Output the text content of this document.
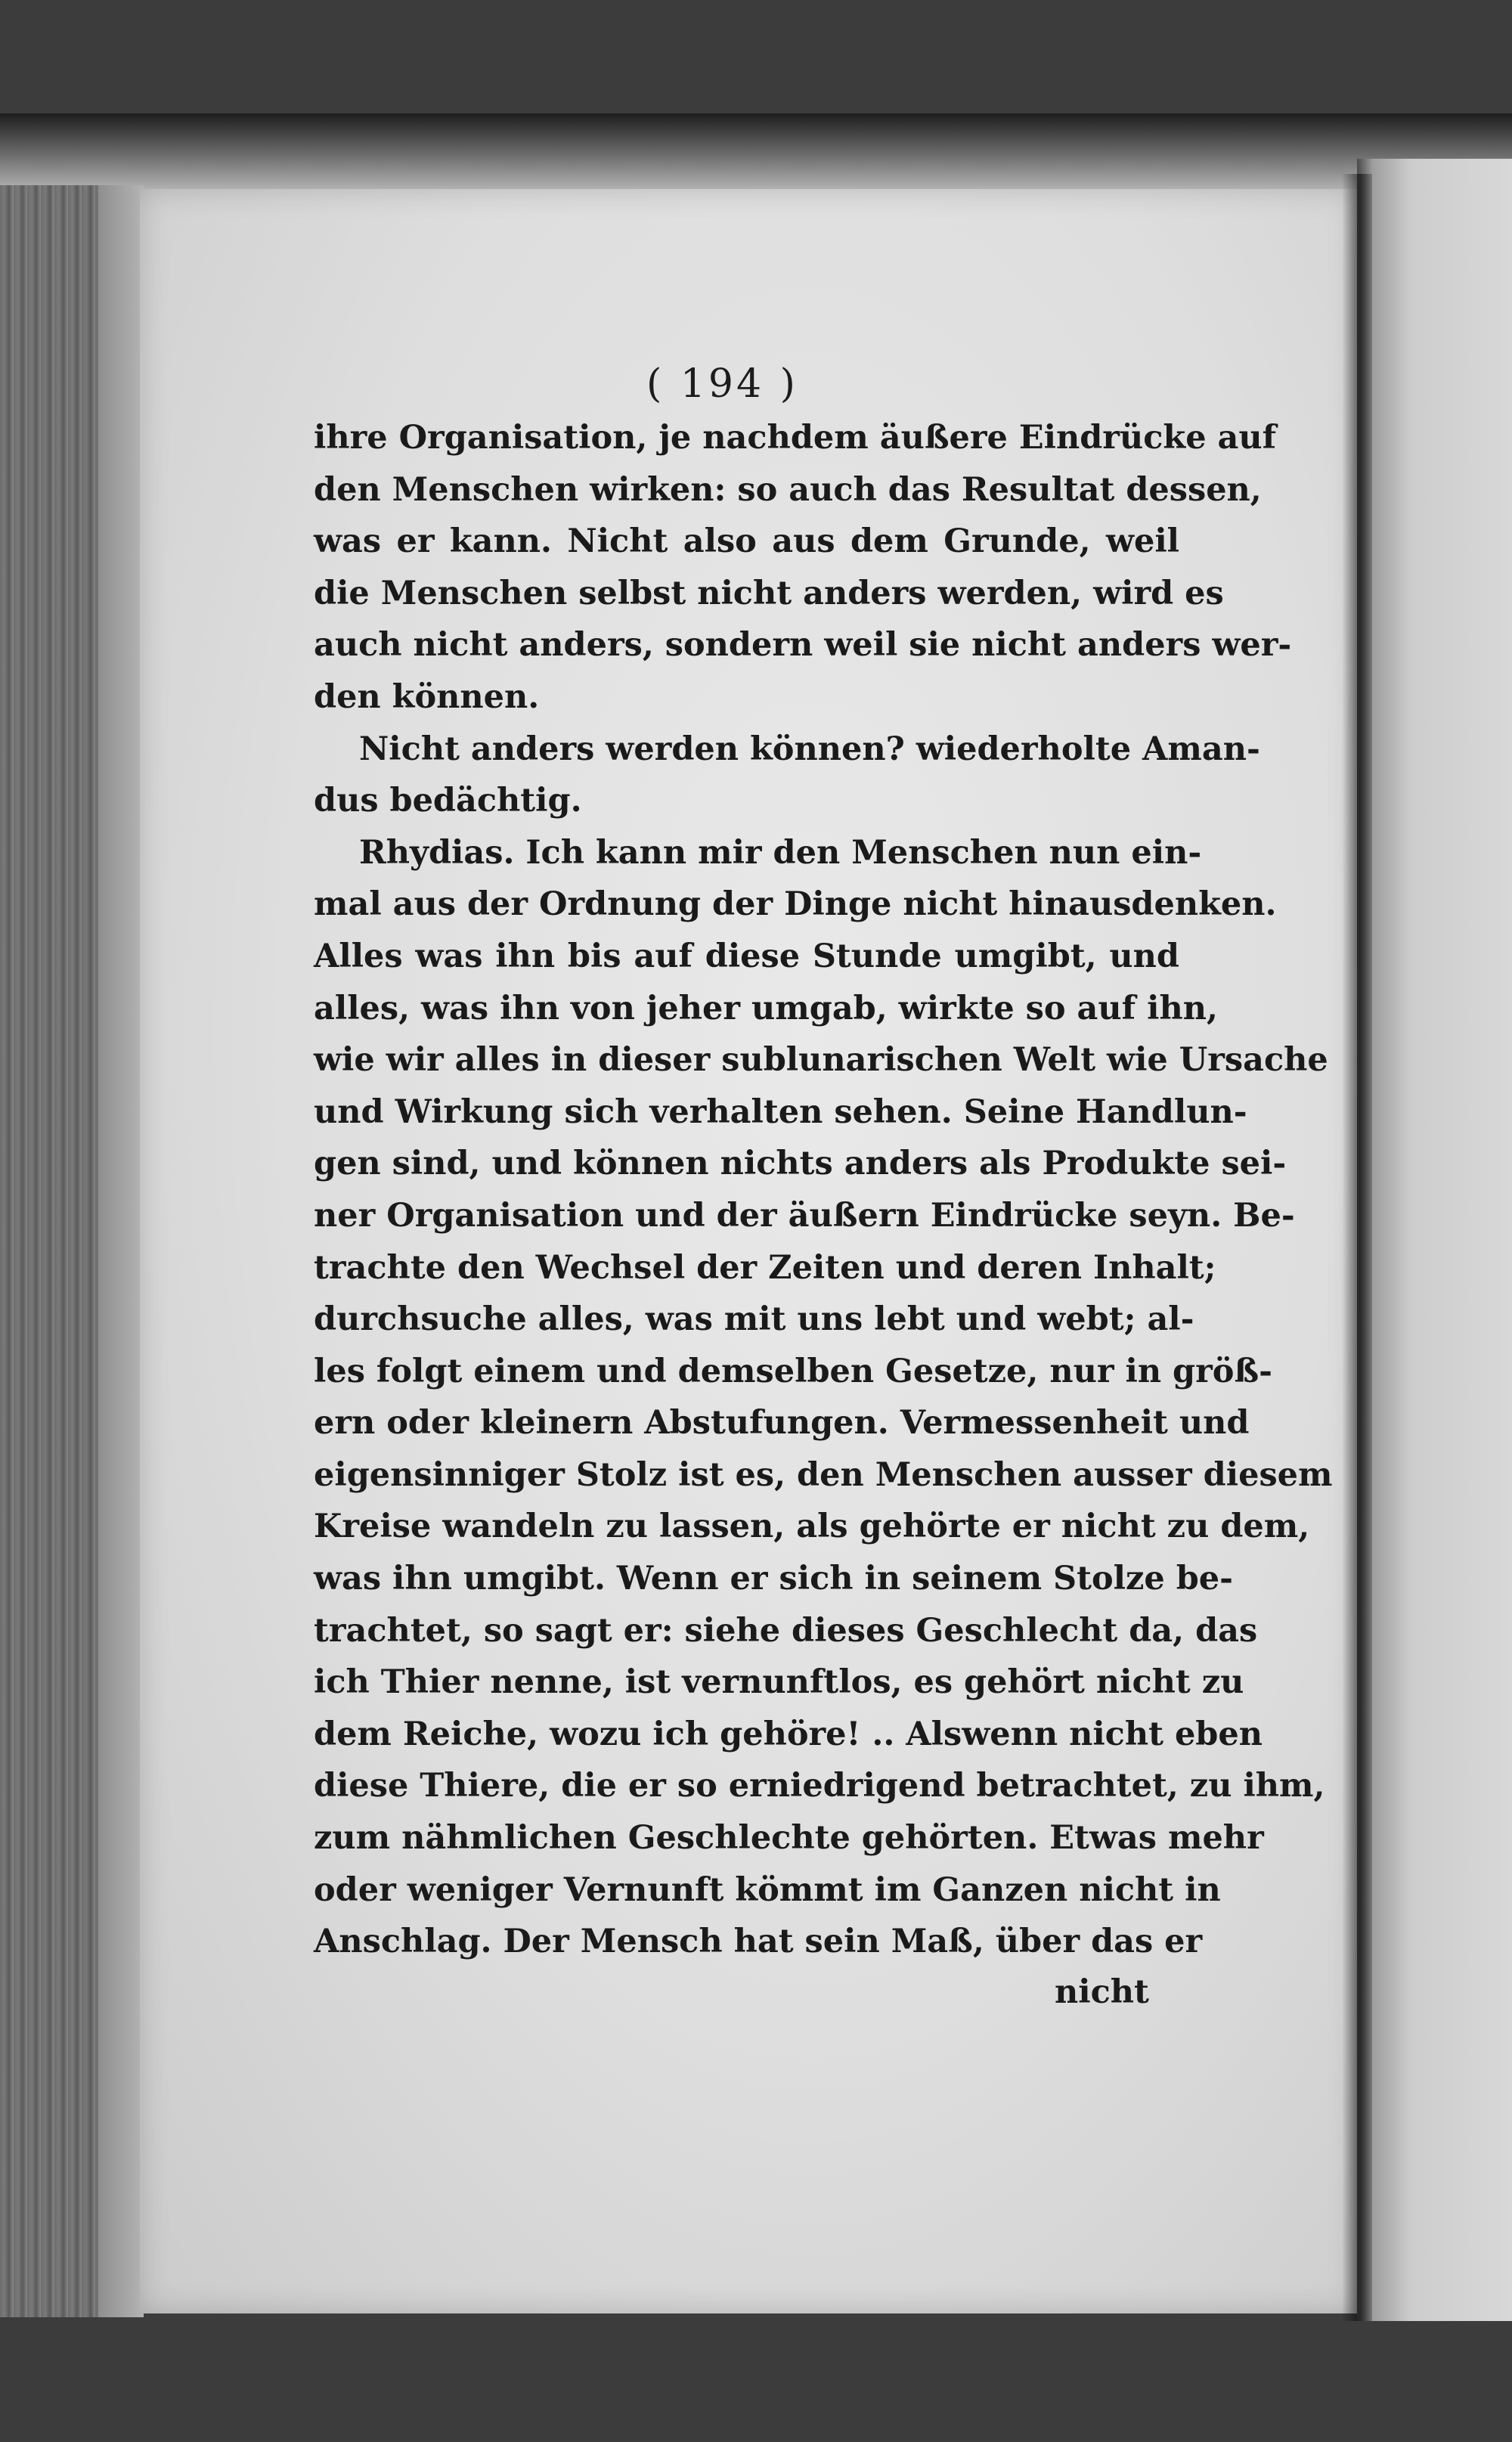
( 194 )
ihre Organisation, je nachdem äußere Eindrücke auf
den Menschen wirken: so auch das Resultat dessen,
was er kann. Nicht also aus dem Grunde, weil
die Menschen selbst nicht anders werden, wird es
auch nicht anders, sondern weil sie nicht anders wer-
den können.
Nicht anders werden können? wiederholte Aman-
dus bedächtig.
Rhydias. Ich kann mir den Menschen nun ein-
mal aus der Ordnung der Dinge nicht hinausdenken.
Alles was ihn bis auf diese Stunde umgibt, und
alles, was ihn von jeher umgab, wirkte so auf ihn,
wie wir alles in dieser sublunarischen Welt wie Ursache
und Wirkung sich verhalten sehen. Seine Handlun-
gen sind, und können nichts anders als Produkte sei-
ner Organisation und der äußern Eindrücke seyn. Be-
trachte den Wechsel der Zeiten und deren Inhalt;
durchsuche alles, was mit uns lebt und webt; al-
les folgt einem und demselben Gesetze, nur in größ-
ern oder kleinern Abstufungen. Vermessenheit und
eigensinniger Stolz ist es, den Menschen ausser diesem
Kreise wandeln zu lassen, als gehörte er nicht zu dem,
was ihn umgibt. Wenn er sich in seinem Stolze be-
trachtet, so sagt er: siehe dieses Geschlecht da, das
ich Thier nenne, ist vernunftlos, es gehört nicht zu
dem Reiche, wozu ich gehöre! .. Alswenn nicht eben
diese Thiere, die er so erniedrigend betrachtet, zu ihm,
zum nähmlichen Geschlechte gehörten. Etwas mehr
oder weniger Vernunft kömmt im Ganzen nicht in
Anschlag. Der Mensch hat sein Maß, über das er
nicht
